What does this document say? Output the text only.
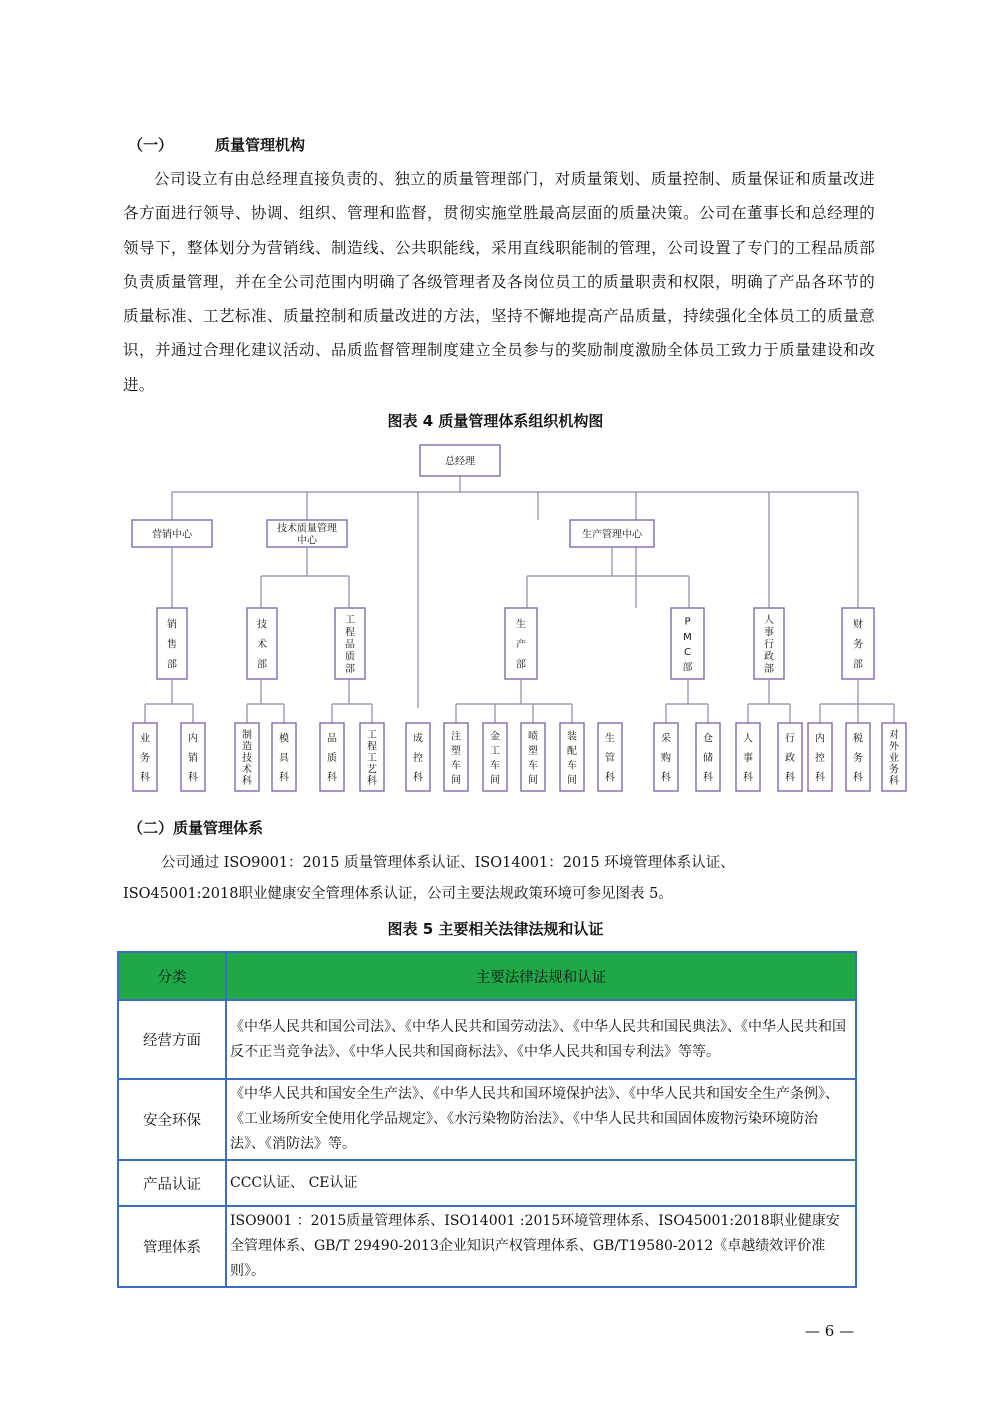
（一）	质量管理机构
公司设立有由总经理直接负责的、独立的质量管理部门，对质量策划、质量控制、质量保证和质量改进各方面进行领导、协调、组织、管理和监督，贯彻实施堂胜最高层面的质量决策。公司在董事长和总经理的领导下，整体划分为营销线、制造线、公共职能线，采用直线职能制的管理，公司设置了专门的工程品质部负责质量管理，并在全公司范围内明确了各级管理者及各岗位员工的质量职责和权限，明确了产品各环节的质量标准、工艺标准、质量控制和质量改进的方法，坚持不懈地提高产品质量，持续强化全体员工的质量意识，并通过合理化建议活动、品质监督管理制度建立全员参与的奖励制度激励全体员工致力于质量建设和改进。
图表 4 质量管理体系组织机构图
总经理
营销中心
技术质量管理
中心
生产管理中心
销
售
部
技
术
部
工
程
品
质
部
生
产
部
P
M
C
部
人
事
行
政
部
财
务
部
业
务
科
内
销
科
制
造
技
术
科
模
具
科
品
质
科
工
程
工
艺
科
成
控
科
注
塑
车
间
金
工
车
间
喷
塑
车
间
装
配
车
间
生
管
科
采
购
科
仓
储
科
人
事
科
行
政
科
内
控
科
税
务
科
对
外
业
务
科
（二）质量管理体系
公司通过 ISO9001：2015 质量管理体系认证、ISO14001：2015 环境管理体系认证、
ISO45001:2018职业健康安全管理体系认证，公司主要法规政策环境可参见图表 5。
图表 5 主要相关法律法规和认证
分类	主要法律法规和认证
经营方面	《中华人民共和国公司法》、《中华人民共和国劳动法》、《中华人民共和国民典法》、《中华人民共和国反不正当竞争法》、《中华人民共和国商标法》、《中华人民共和国专利法》等等。
安全环保	《中华人民共和国安全生产法》、《中华人民共和国环境保护法》、《中华人民共和国安全生产条例》、《工业场所安全使用化学品规定》、《水污染物防治法》、《中华人民共和国固体废物污染环境防治法》、《消防法》等。
产品认证	CCC认证、 CE认证
管理体系	ISO9001 ：2015质量管理体系、ISO14001 :2015环境管理体系、ISO45001:2018职业健康安全管理体系、GB/T 29490-2013企业知识产权管理体系、GB/T19580-2012《卓越绩效评价准则》。
— 6 —
